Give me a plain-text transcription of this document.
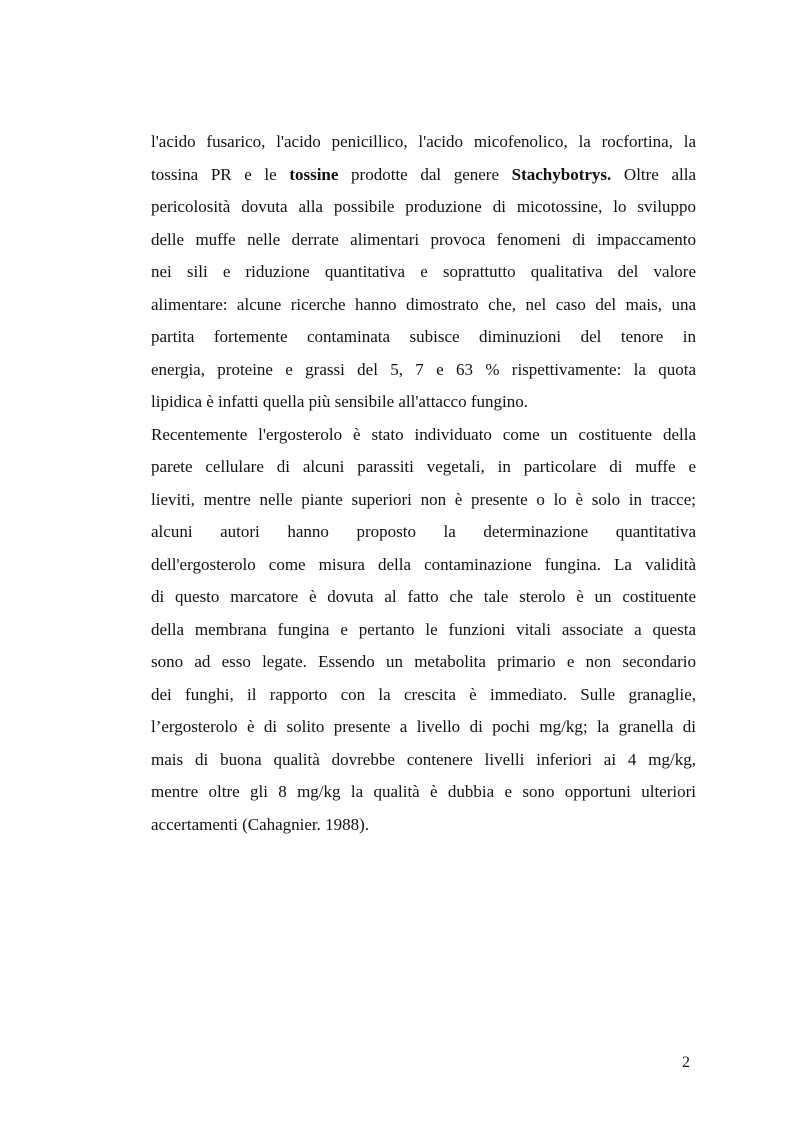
l'acido fusarico, l'acido penicillico, l'acido micofenolico, la rocfortina, la
tossina PR e le tossine prodotte dal genere Stachybotrys. Oltre alla
pericolosità dovuta alla possibile produzione di micotossine, lo sviluppo
delle muffe nelle derrate alimentari provoca fenomeni di impaccamento
nei sili e riduzione quantitativa e soprattutto qualitativa del valore
alimentare: alcune ricerche hanno dimostrato che, nel caso del mais, una
partita fortemente contaminata subisce diminuzioni del tenore in
energia, proteine e grassi del 5, 7 e 63 % rispettivamente: la quota
lipidica è infatti quella più sensibile all'attacco fungino.

Recentemente l'ergosterolo è stato individuato come un costituente della
parete cellulare di alcuni parassiti vegetali, in particolare di muffe e
lieviti, mentre nelle piante superiori non è presente o lo è solo in tracce;
alcuni autori hanno proposto la determinazione quantitativa
dell'ergosterolo come misura della contaminazione fungina. La validità
di questo marcatore è dovuta al fatto che tale sterolo è un costituente
della membrana fungina e pertanto le funzioni vitali associate a questa
sono ad esso legate. Essendo un metabolita primario e non secondario
dei funghi, il rapporto con la crescita è immediato. Sulle granaglie,
l’ergosterolo è di solito presente a livello di pochi mg/kg; la granella di
mais di buona qualità dovrebbe contenere livelli inferiori ai 4 mg/kg,
mentre oltre gli 8 mg/kg la qualità è dubbia e sono opportuni ulteriori
accertamenti (Cahagnier. 1988).

2
